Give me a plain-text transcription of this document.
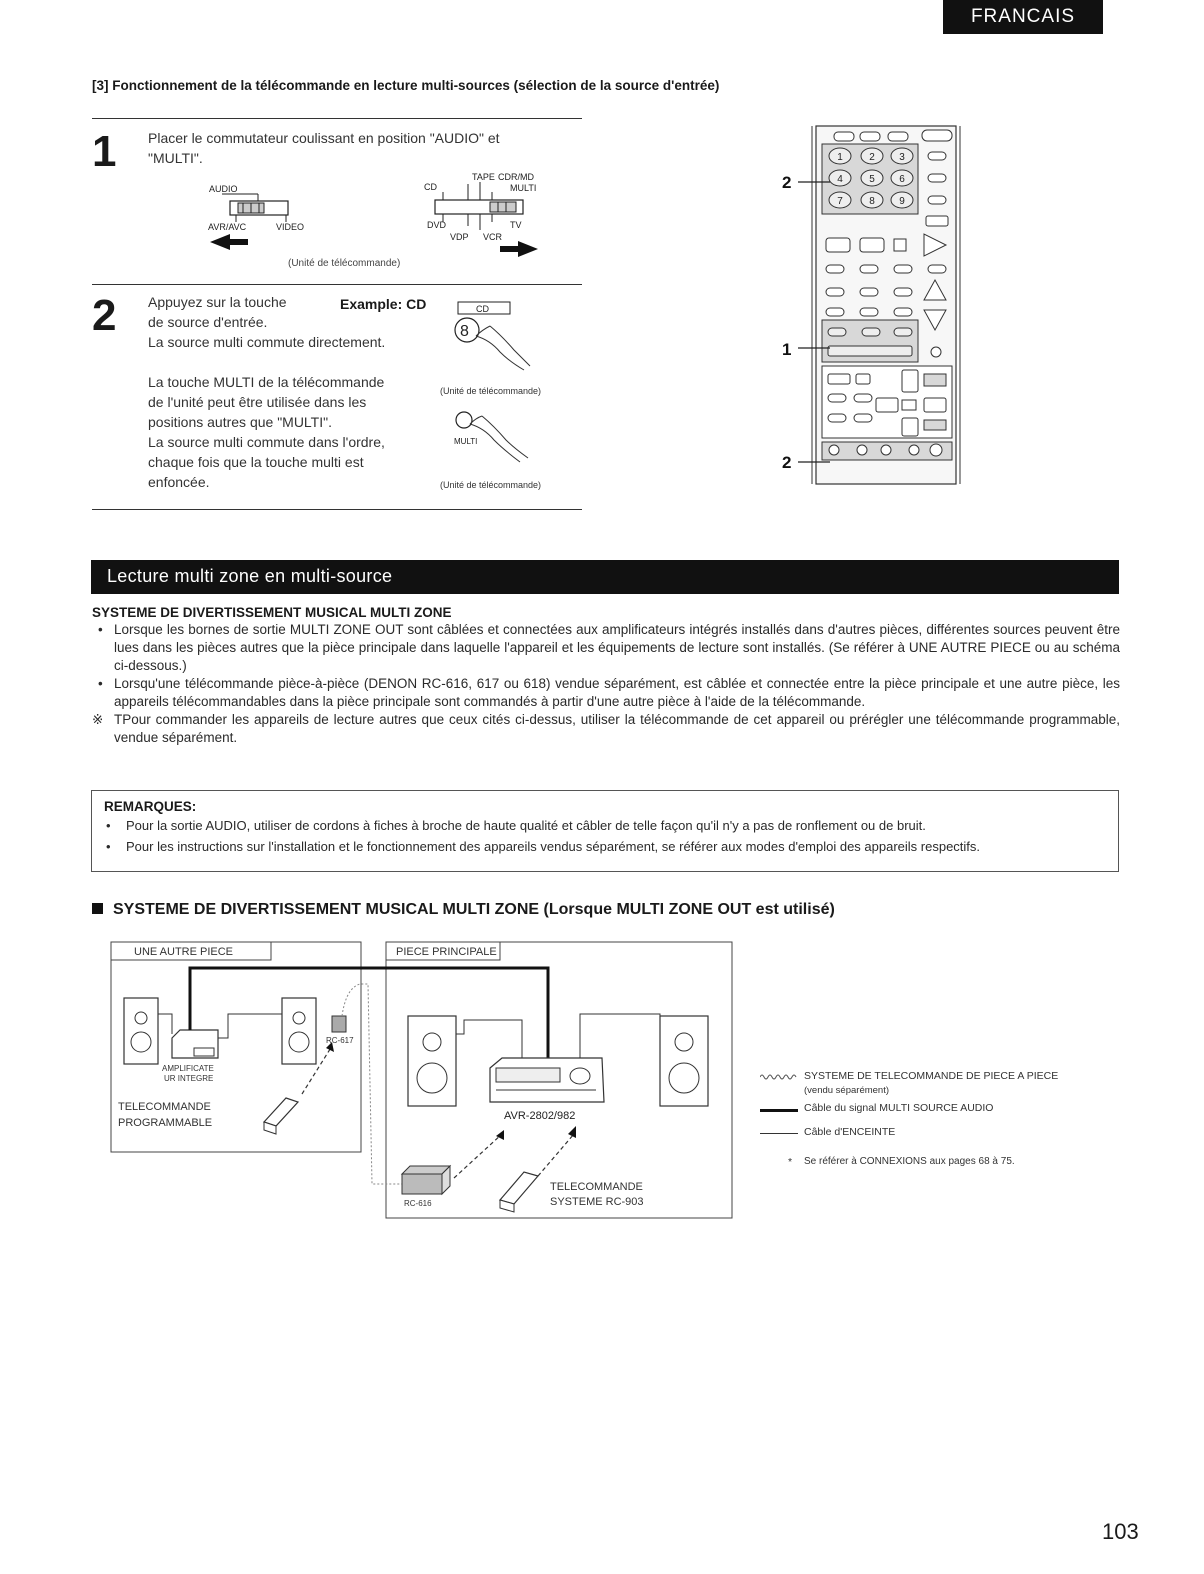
FRANCAIS
[3] Fonctionnement de la télécommande en lecture multi-sources (sélection de la source d'entrée)
1 Placer le commutateur coulissant en position "AUDIO" et
"MULTI".
AUDIO
AVR/AVC	VIDEO
TAPE CDR/MD
CD	MULTI
DVD	TV
VDP VCR
(Unité de télécommande)
2 Appuyez sur la touche
de source d'entrée.
La source multi commute directement.
Example: CD	CD
8
La touche MULTI de la télécommande
de l'unité peut être utilisée dans les
positions autres que "MULTI".
La source multi commute dans l'ordre,
chaque fois que la touche multi est
enfoncée.
(Unité de télécommande)
MULTI
(Unité de télécommande)
1	2 3
4	5 6
7	8 9
2
1
2
Lecture multi zone en multi-source
SYSTEME DE DIVERTISSEMENT MUSICAL MULTI ZONE
• Lorsque les bornes de sortie MULTI ZONE OUT sont câblées et connectées aux amplificateurs intégrés installés dans d'autres pièces, différentes sources peuvent être lues dans les pièces autres que la pièce principale dans laquelle l'appareil et les équipements de lecture sont installés. (Se référer à UNE AUTRE PIECE ou au schéma ci-dessous.)
• Lorsqu'une télécommande pièce-à-pièce (DENON RC-616, 617 ou 618) vendue séparément, est câblée et connectée entre la pièce principale et une autre pièce, les appareils télécommandables dans la pièce principale sont commandés à partir d'une autre pièce à l'aide de la télécommande.
※ TPour commander les appareils de lecture autres que ceux cités ci-dessus, utiliser la télécommande de cet appareil ou prérégler une télécommande programmable, vendue séparément.
REMARQUES:
• Pour la sortie AUDIO, utiliser de cordons à fiches à broche de haute qualité et câbler de telle façon qu'il n'y a pas de ronflement ou de bruit.
• Pour les instructions sur l'installation et le fonctionnement des appareils vendus séparément, se référer aux modes d'emploi des appareils respectifs.
SYSTEME DE DIVERTISSEMENT MUSICAL MULTI ZONE (Lorsque MULTI ZONE OUT est utilisé)
UNE AUTRE PIECE	PIECE PRINCIPALE
AMPLIFICATE
UR INTEGRE
RC-617
TELECOMMANDE
PROGRAMMABLE
AVR-2802/982
RC-616
TELECOMMANDE
SYSTEME RC-903
SYSTEME DE TELECOMMANDE DE PIECE A PIECE
(vendu séparément)
Câble du signal MULTI SOURCE AUDIO
Câble d'ENCEINTE
* Se référer à CONNEXIONS aux pages 68 à 75.
103
